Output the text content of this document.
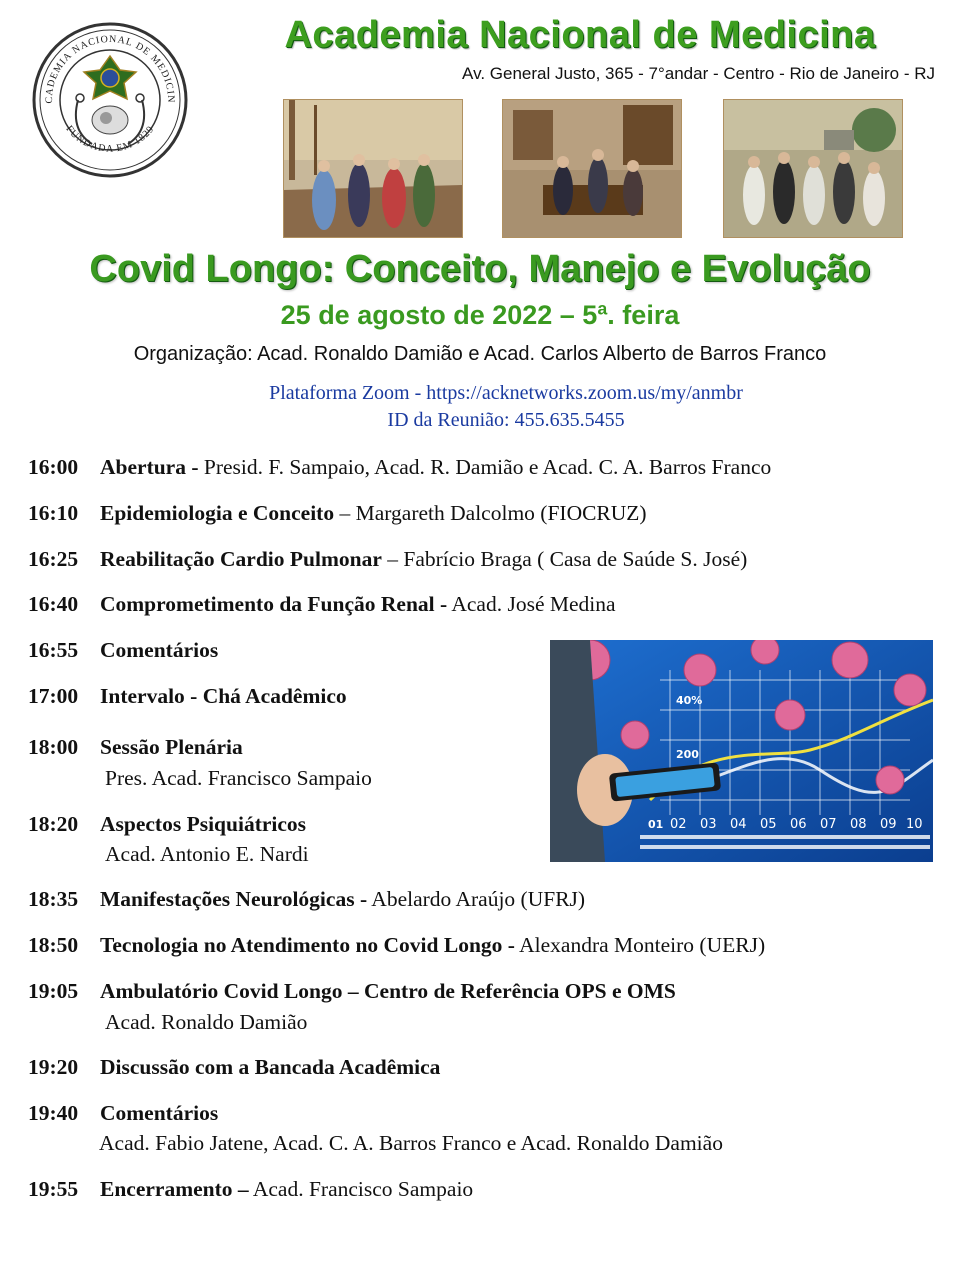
CADEMIA NACIONAL DE MEDICIN
FUNDADA EM 1829
Academia Nacional de Medicina
Av. General Justo, 365 - 7°andar - Centro - Rio de Janeiro - RJ
Covid Longo: Conceito, Manejo e Evolução
25 de agosto de 2022 – 5ª. feira
Organização: Acad. Ronaldo Damião e Acad. Carlos Alberto de Barros Franco
Plataforma Zoom - https://acknetworks.zoom.us/my/anmbr
ID da Reunião: 455.635.5455
16:00 Abertura - Presid. F. Sampaio, Acad. R. Damião e Acad. C. A. Barros Franco
16:10 Epidemiologia e Conceito – Margareth Dalcolmo (FIOCRUZ)
16:25 Reabilitação Cardio Pulmonar – Fabrício Braga ( Casa de Saúde S. José)
16:40 Comprometimento da Função Renal - Acad. José Medina
16:55 Comentários
17:00 Intervalo - Chá Acadêmico
18:00 Sessão Plenária
Pres. Acad. Francisco Sampaio
18:20 Aspectos Psiquiátricos
Acad. Antonio E. Nardi
18:35 Manifestações Neurológicas - Abelardo Araújo (UFRJ)
18:50 Tecnologia no Atendimento no Covid Longo - Alexandra Monteiro (UERJ)
19:05 Ambulatório Covid Longo – Centro de Referência OPS e OMS
Acad. Ronaldo Damião
19:20 Discussão com a Bancada Acadêmica
19:40 Comentários
Acad. Fabio Jatene, Acad. C. A. Barros Franco e Acad. Ronaldo Damião
19:55 Encerramento – Acad. Francisco Sampaio
40%
200
01 02 03 04 05 06 07 08 09 10
